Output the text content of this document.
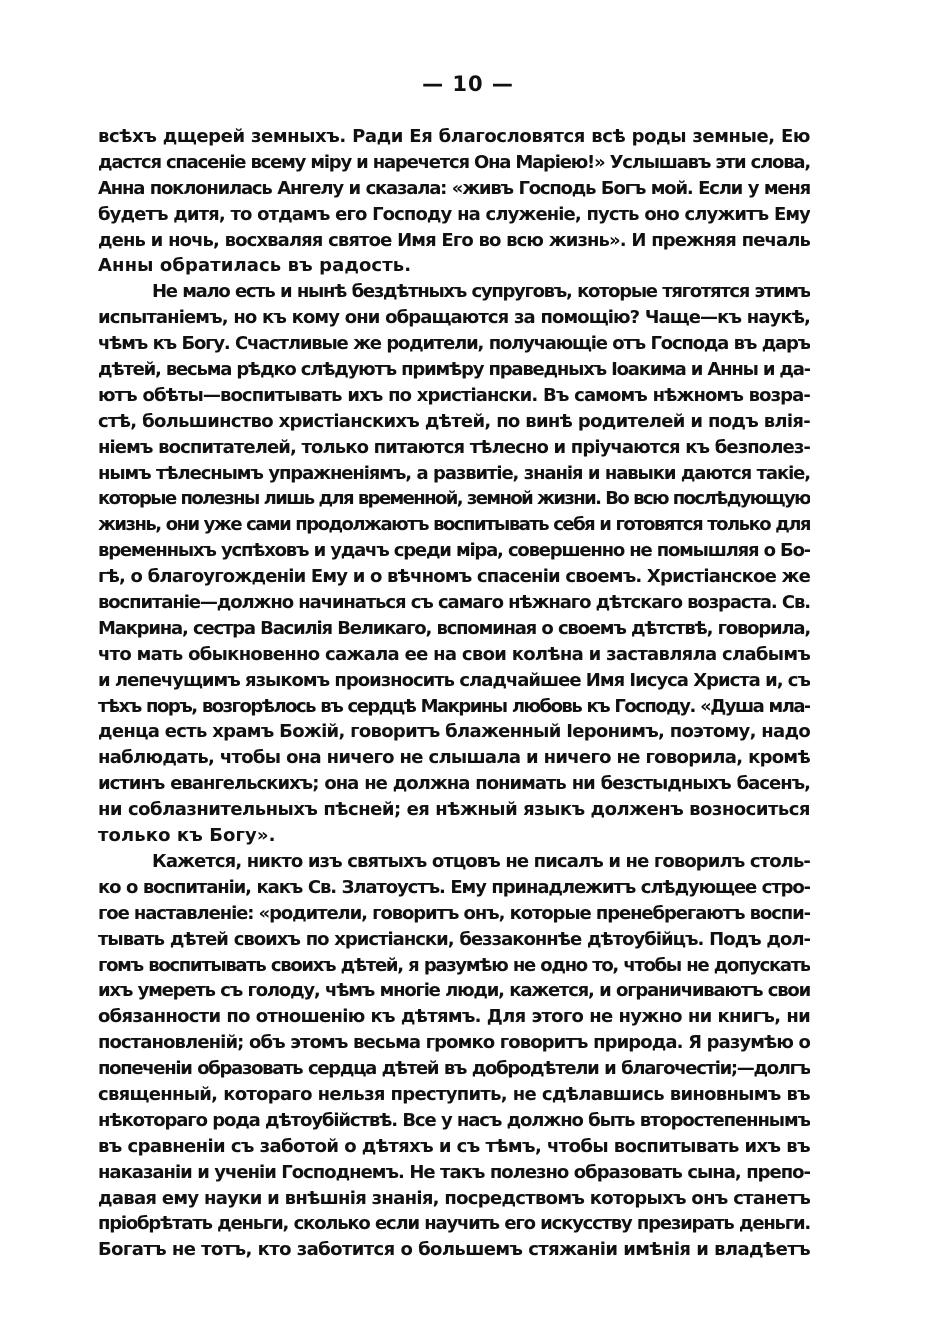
— 10 —
всѣхъ дщерей земныхъ. Ради Ея благословятся всѣ роды земные, Ею
дастся спасеніе всему міру и наречется Она Маріею!» Услышавъ эти слова,
Анна поклонилась Ангелу и сказала: «живъ Господь Богъ мой. Если у меня
будетъ дитя, то отдамъ его Господу на служеніе, пусть оно служитъ Ему
день и ночь, восхваляя святое Имя Его во всю жизнь». И прежняя печаль
Анны обратилась въ радость.
Не мало есть и нынѣ бездѣтныхъ супруговъ, которые тяготятся этимъ
испытаніемъ, но къ кому они обращаются за помощію? Чаще—къ наукѣ,
чѣмъ къ Богу. Счастливые же родители, получающіе отъ Господа въ даръ
дѣтей, весьма рѣдко слѣдуютъ примѣру праведныхъ Іоакима и Анны и да-
ютъ обѣты—воспитывать ихъ по христіански. Въ самомъ нѣжномъ возра-
стѣ, большинство христіанскихъ дѣтей, по винѣ родителей и подъ влія-
ніемъ воспитателей, только питаются тѣлесно и пріучаются къ безполез-
нымъ тѣлеснымъ упражненіямъ, а развитіе, знанія и навыки даются такіе,
которые полезны лишь для временной, земной жизни. Во всю послѣдующую
жизнь, они уже сами продолжаютъ воспитывать себя и готовятся только для
временныхъ успѣховъ и удачъ среди міра, совершенно не помышляя о Бо-
гѣ, о благоугожденіи Ему и о вѣчномъ спасеніи своемъ. Христіанское же
воспитаніе—должно начинаться съ самаго нѣжнаго дѣтскаго возраста. Св.
Макрина, сестра Василія Великаго, вспоминая о своемъ дѣтствѣ, говорила,
что мать обыкновенно сажала ее на свои колѣна и заставляла слабымъ
и лепечущимъ языкомъ произносить сладчайшее Имя Іисуса Христа и, съ
тѣхъ поръ, возгорѣлось въ сердцѣ Макрины любовь къ Господу. «Душа мла-
денца есть храмъ Божій, говоритъ блаженный Іеронимъ, поэтому, надо
наблюдать, чтобы она ничего не слышала и ничего не говорила, кромѣ
истинъ евангельскихъ; она не должна понимать ни безстыдныхъ басенъ,
ни соблазнительныхъ пѣсней; ея нѣжный языкъ долженъ возноситься
только къ Богу».
Кажется, никто изъ святыхъ отцовъ не писалъ и не говорилъ столь-
ко о воспитаніи, какъ Св. Златоустъ. Ему принадлежитъ слѣдующее стро-
гое наставленіе: «родители, говоритъ онъ, которые пренебрегаютъ воспи-
тывать дѣтей своихъ по христіански, беззаконнѣе дѣтоубійцъ. Подъ дол-
гомъ воспитывать своихъ дѣтей, я разумѣю не одно то, чтобы не допускать
ихъ умереть съ голоду, чѣмъ многіе люди, кажется, и ограничиваютъ свои
обязанности по отношенію къ дѣтямъ. Для этого не нужно ни книгъ, ни
постановленій; объ этомъ весьма громко говоритъ природа. Я разумѣю о
попеченіи образовать сердца дѣтей въ добродѣтели и благочестіи;—долгъ
священный, котораго нельзя преступить, не сдѣлавшись виновнымъ въ
нѣкотораго рода дѣтоубійствѣ. Все у насъ должно быть второстепеннымъ
въ сравненіи съ заботой о дѣтяхъ и съ тѣмъ, чтобы воспитывать ихъ въ
наказаніи и ученіи Господнемъ. Не такъ полезно образовать сына, препо-
давая ему науки и внѣшнія знанія, посредствомъ которыхъ онъ станетъ
пріобрѣтать деньги, сколько если научить его искусству презирать деньги.
Богатъ не тотъ, кто заботится о большемъ стяжаніи имѣнія и владѣетъ
